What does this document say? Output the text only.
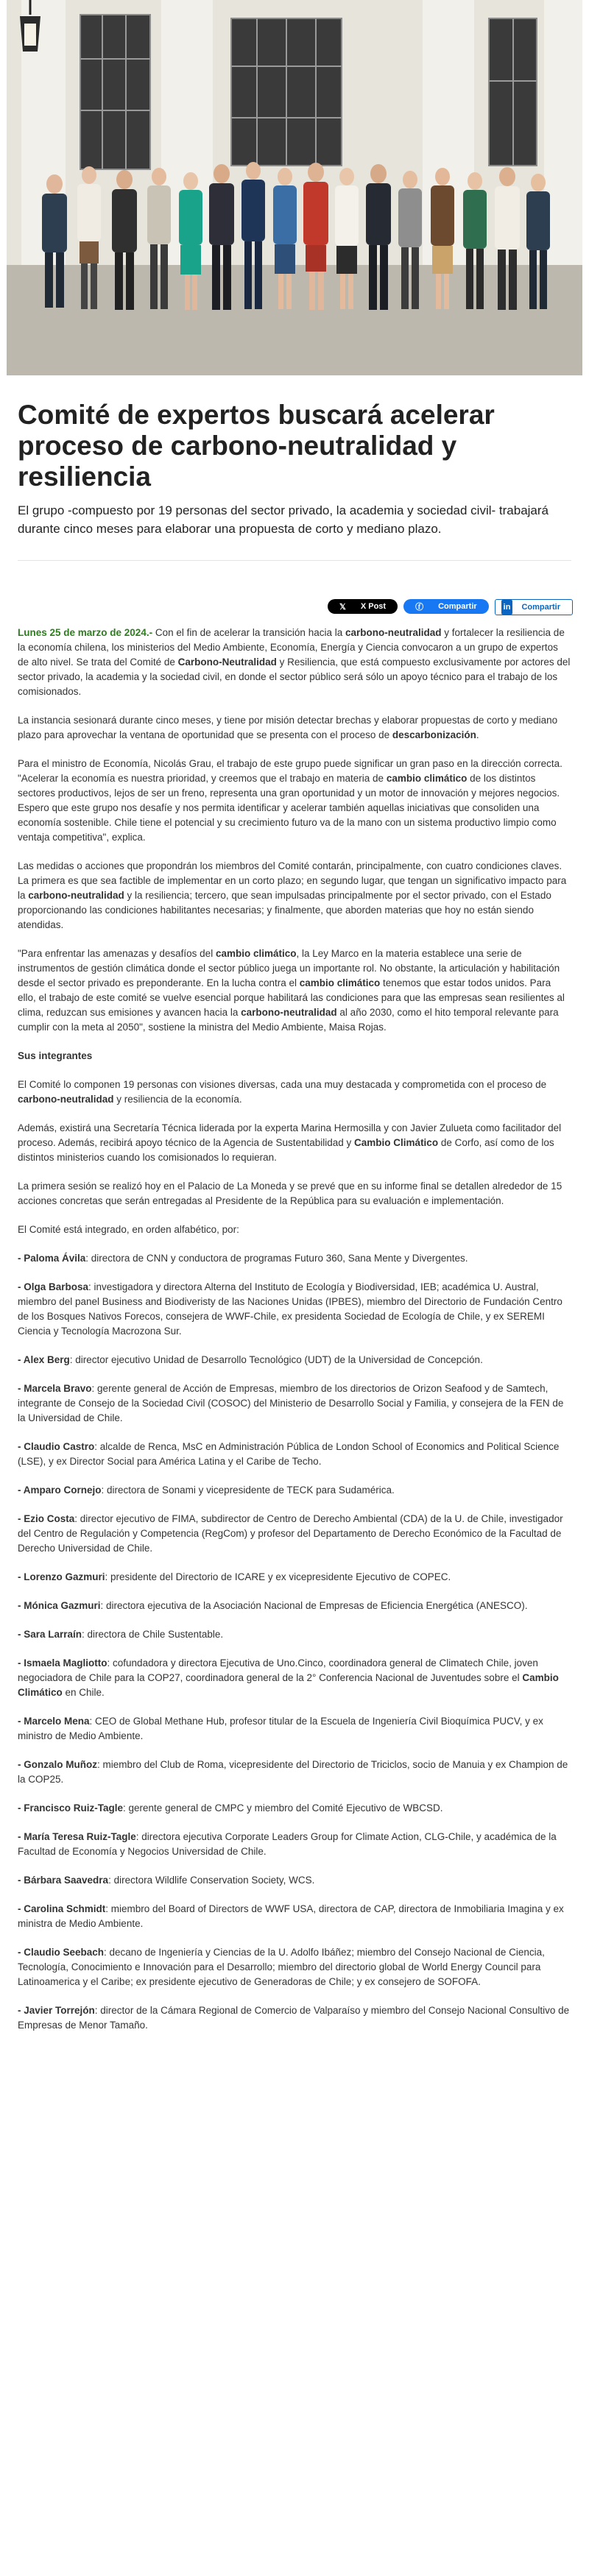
Comité de expertos buscará acelerar proceso de carbono-neutralidad y resiliencia

El grupo -compuesto por 19 personas del sector privado, la academia y sociedad civil- trabajará durante cinco meses para elaborar una propuesta de corto y mediano plazo.

𝕏	X Post	ⓕ	Compartir	in	Compartir

Lunes 25 de marzo de 2024.- Con el fin de acelerar la transición hacia la carbono-neutralidad y fortalecer la resiliencia de la economía chilena, los ministerios del Medio Ambiente, Economía, Energía y Ciencia convocaron a un grupo de expertos de alto nivel. Se trata del Comité de Carbono-Neutralidad y Resiliencia, que está compuesto exclusivamente por actores del sector privado, la academia y la sociedad civil, en donde el sector público será sólo un apoyo técnico para el trabajo de los comisionados.

La instancia sesionará durante cinco meses, y tiene por misión detectar brechas y elaborar propuestas de corto y mediano plazo para aprovechar la ventana de oportunidad que se presenta con el proceso de descarbonización.

Para el ministro de Economía, Nicolás Grau, el trabajo de este grupo puede significar un gran paso en la dirección correcta. "Acelerar la economía es nuestra prioridad, y creemos que el trabajo en materia de cambio climático de los distintos sectores productivos, lejos de ser un freno, representa una gran oportunidad y un motor de innovación y mejores negocios. Espero que este grupo nos desafíe y nos permita identificar y acelerar también aquellas iniciativas que consoliden una economía sostenible. Chile tiene el potencial y su crecimiento futuro va de la mano con un sistema productivo limpio como ventaja competitiva", explica.

Las medidas o acciones que propondrán los miembros del Comité contarán, principalmente, con cuatro condiciones claves. La primera es que sea factible de implementar en un corto plazo; en segundo lugar, que tengan un significativo impacto para la carbono-neutralidad y la resiliencia; tercero, que sean impulsadas principalmente por el sector privado, con el Estado proporcionando las condiciones habilitantes necesarias; y finalmente, que aborden materias que hoy no están siendo atendidas.

"Para enfrentar las amenazas y desafíos del cambio climático, la Ley Marco en la materia establece una serie de instrumentos de gestión climática donde el sector público juega un importante rol. No obstante, la articulación y habilitación desde el sector privado es preponderante. En la lucha contra el cambio climático tenemos que estar todos unidos. Para ello, el trabajo de este comité se vuelve esencial porque habilitará las condiciones para que las empresas sean resilientes al clima, reduzcan sus emisiones y avancen hacia la carbono-neutralidad al año 2030, como el hito temporal relevante para cumplir con la meta al 2050", sostiene la ministra del Medio Ambiente, Maisa Rojas.

Sus integrantes

El Comité lo componen 19 personas con visiones diversas, cada una muy destacada y comprometida con el proceso de carbono-neutralidad y resiliencia de la economía.

Además, existirá una Secretaría Técnica liderada por la experta Marina Hermosilla y con Javier Zulueta como facilitador del proceso. Además, recibirá apoyo técnico de la Agencia de Sustentabilidad y Cambio Climático de Corfo, así como de los distintos ministerios cuando los comisionados lo requieran.

La primera sesión se realizó hoy en el Palacio de La Moneda y se prevé que en su informe final se detallen alrededor de 15 acciones concretas que serán entregadas al Presidente de la República para su evaluación e implementación.

El Comité está integrado, en orden alfabético, por:

- Paloma Ávila: directora de CNN y conductora de programas Futuro 360, Sana Mente y Divergentes.

- Olga Barbosa: investigadora y directora Alterna del Instituto de Ecología y Biodiversidad, IEB; académica U. Austral, miembro del panel Business and Biodiveristy de las Naciones Unidas (IPBES), miembro del Directorio de Fundación Centro de los Bosques Nativos Forecos, consejera de WWF-Chile, ex presidenta Sociedad de Ecología de Chile, y ex SEREMI Ciencia y Tecnología Macrozona Sur.

- Alex Berg: director ejecutivo Unidad de Desarrollo Tecnológico (UDT) de la Universidad de Concepción.

- Marcela Bravo: gerente general de Acción de Empresas, miembro de los directorios de Orizon Seafood y de Samtech, integrante de Consejo de la Sociedad Civil (COSOC) del Ministerio de Desarrollo Social y Familia, y consejera de la FEN de la Universidad de Chile.

- Claudio Castro: alcalde de Renca, MsC en Administración Pública de London School of Economics and Political Science (LSE), y ex Director Social para América Latina y el Caribe de Techo.

- Amparo Cornejo: directora de Sonami y vicepresidente de TECK para Sudamérica.

- Ezio Costa: director ejecutivo de FIMA, subdirector de Centro de Derecho Ambiental (CDA) de la U. de Chile, investigador del Centro de Regulación y Competencia (RegCom) y profesor del Departamento de Derecho Económico de la Facultad de Derecho Universidad de Chile.

- Lorenzo Gazmuri: presidente del Directorio de ICARE y ex vicepresidente Ejecutivo de COPEC.

- Mónica Gazmuri: directora ejecutiva de la Asociación Nacional de Empresas de Eficiencia Energética (ANESCO).

- Sara Larraín: directora de Chile Sustentable.

- Ismaela Magliotto: cofundadora y directora Ejecutiva de Uno.Cinco, coordinadora general de Climatech Chile, joven negociadora de Chile para la COP27, coordinadora general de la 2° Conferencia Nacional de Juventudes sobre el Cambio Climático en Chile.

- Marcelo Mena: CEO de Global Methane Hub, profesor titular de la Escuela de Ingeniería Civil Bioquímica PUCV, y ex ministro de Medio Ambiente.

- Gonzalo Muñoz: miembro del Club de Roma, vicepresidente del Directorio de Triciclos, socio de Manuia y ex Champion de la COP25.

- Francisco Ruiz-Tagle: gerente general de CMPC y miembro del Comité Ejecutivo de WBCSD.

- María Teresa Ruiz-Tagle: directora ejecutiva Corporate Leaders Group for Climate Action, CLG-Chile, y académica de la Facultad de Economía y Negocios Universidad de Chile.

- Bárbara Saavedra: directora Wildlife Conservation Society, WCS.

- Carolina Schmidt: miembro del Board of Directors de WWF USA, directora de CAP, directora de Inmobiliaria Imagina y ex ministra de Medio Ambiente.

- Claudio Seebach: decano de Ingeniería y Ciencias de la U. Adolfo Ibáñez; miembro del Consejo Nacional de Ciencia, Tecnología, Conocimiento e Innovación para el Desarrollo; miembro del directorio global de World Energy Council para Latinoamerica y el Caribe; ex presidente ejecutivo de Generadoras de Chile; y ex consejero de SOFOFA.

- Javier Torrejón: director de la Cámara Regional de Comercio de Valparaíso y miembro del Consejo Nacional Consultivo de Empresas de Menor Tamaño.
